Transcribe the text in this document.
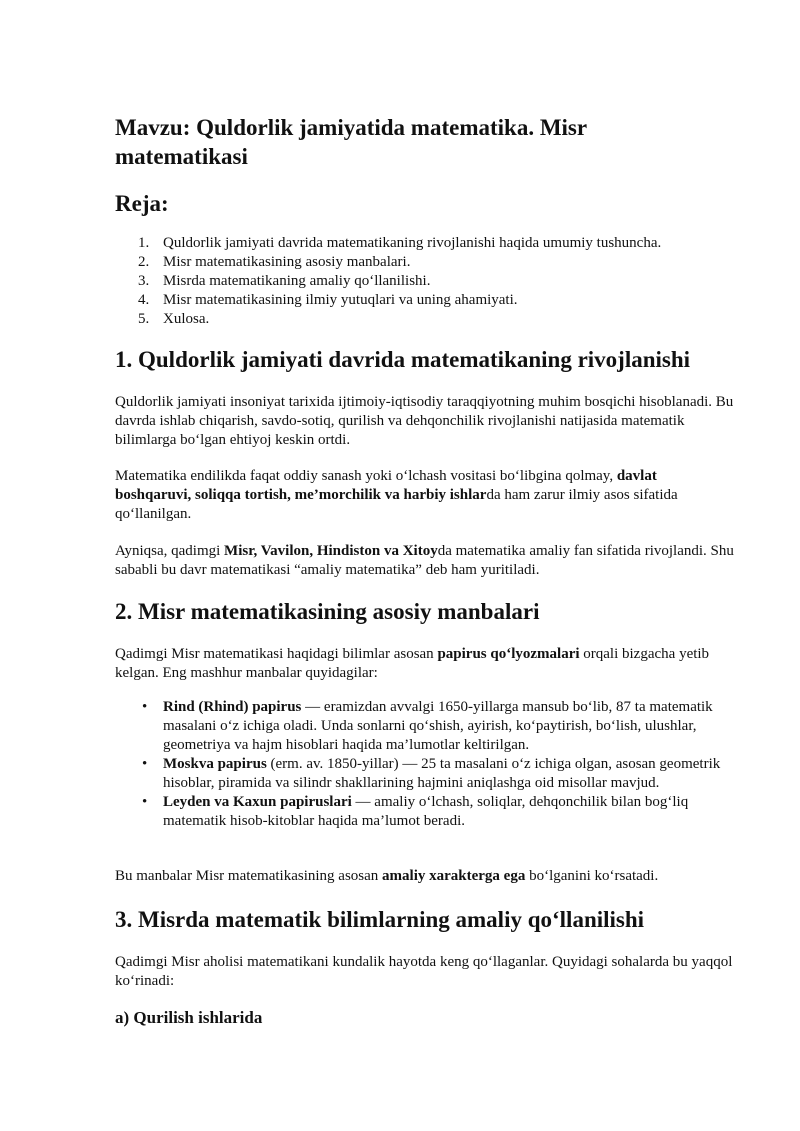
Mavzu: Quldorlik jamiyatida matematika. Misr matematikasi
Reja:
1. Quldorlik jamiyati davrida matematikaning rivojlanishi haqida umumiy tushuncha.
2. Misr matematikasining asosiy manbalari.
3. Misrda matematikaning amaliy qo‘llanilishi.
4. Misr matematikasining ilmiy yutuqlari va uning ahamiyati.
5. Xulosa.
1. Quldorlik jamiyati davrida matematikaning rivojlanishi

Quldorlik jamiyati insoniyat tarixida ijtimoiy-iqtisodiy taraqqiyotning muhim bosqichi hisoblanadi. Bu davrda ishlab chiqarish, savdo-sotiq, qurilish va dehqonchilik rivojlanishi natijasida matematik bilimlarga bo‘lgan ehtiyoj keskin ortdi.

Matematika endilikda faqat oddiy sanash yoki o‘lchash vositasi bo‘libgina qolmay, davlat boshqaruvi, soliqqa tortish, me’morchilik va harbiy ishlarda ham zarur ilmiy asos sifatida qo‘llanilgan.

Ayniqsa, qadimgi Misr, Vavilon, Hindiston va Xitoyda matematika amaliy fan sifatida rivojlandi. Shu sababli bu davr matematikasi “amaliy matematika” deb ham yuritiladi.

2. Misr matematikasining asosiy manbalari

Qadimgi Misr matematikasi haqidagi bilimlar asosan papirus qo‘lyozmalari orqali bizgacha yetib kelgan. Eng mashhur manbalar quyidagilar:

• Rind (Rhind) papirus — eramizdan avvalgi 1650-yillarga mansub bo‘lib, 87 ta matematik masalani o‘z ichiga oladi. Unda sonlarni qo‘shish, ayirish, ko‘paytirish, bo‘lish, ulushlar, geometriya va hajm hisoblari haqida ma’lumotlar keltirilgan.
• Moskva papirus (erm. av. 1850-yillar) — 25 ta masalani o‘z ichiga olgan, asosan geometrik hisoblar, piramida va silindr shakllarining hajmini aniqlashga oid misollar mavjud.
• Leyden va Kaxun papiruslari — amaliy o‘lchash, soliqlar, dehqonchilik bilan bog‘liq matematik hisob-kitoblar haqida ma’lumot beradi.

Bu manbalar Misr matematikasining asosan amaliy xarakterga ega bo‘lganini ko‘rsatadi.

3. Misrda matematik bilimlarning amaliy qo‘llanilishi

Qadimgi Misr aholisi matematikani kundalik hayotda keng qo‘llaganlar. Quyidagi sohalarda bu yaqqol ko‘rinadi:

a) Qurilish ishlarida
